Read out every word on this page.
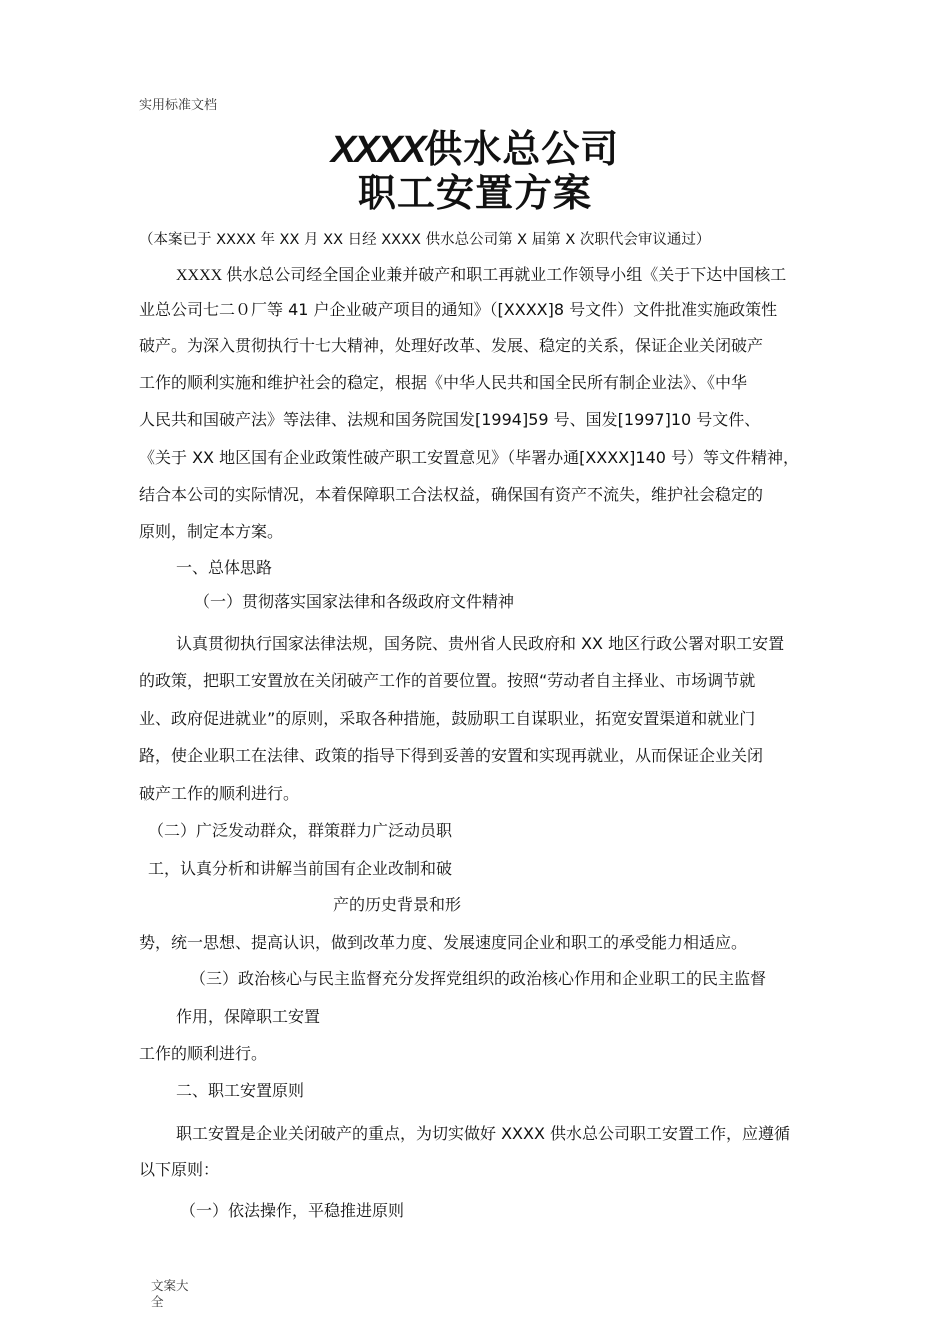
实用标准文档

XXXX供水总公司
职工安置方案

（本案已于 XXXX 年 XX 月 XX 日经 XXXX 供水总公司第 X 届第 X 次职代会审议通过）

XXXX 供水总公司经全国企业兼并破产和职工再就业工作领导小组《关于下达中国核工

业总公司七二０厂等 41 户企业破产项目的通知》（[XXXX]8 号文件）文件批准实施政策性

破产。为深入贯彻执行十七大精神，处理好改革、发展、稳定的关系，保证企业关闭破产

工作的顺利实施和维护社会的稳定，根据《中华人民共和国全民所有制企业法》、《中华

人民共和国破产法》等法律、法规和国务院国发[1994]59 号、国发[1997]10 号文件、

《关于 XX 地区国有企业政策性破产职工安置意见》（毕署办通[XXXX]140 号）等文件精神，

结合本公司的实际情况，本着保障职工合法权益，确保国有资产不流失，维护社会稳定的

原则，制定本方案。

一、总体思路
（一）贯彻落实国家法律和各级政府文件精神

认真贯彻执行国家法律法规，国务院、贵州省人民政府和 XX 地区行政公署对职工安置

的政策，把职工安置放在关闭破产工作的首要位置。按照“劳动者自主择业、市场调节就

业、政府促进就业”的原则，采取各种措施，鼓励职工自谋职业，拓宽安置渠道和就业门

路，使企业职工在法律、政策的指导下得到妥善的安置和实现再就业，从而保证企业关闭

破产工作的顺利进行。

（二）广泛发动群众，群策群力广泛动员职

工，认真分析和讲解当前国有企业改制和破

产的历史背景和形

势，统一思想、提高认识，做到改革力度、发展速度同企业和职工的承受能力相适应。

（三）政治核心与民主监督充分发挥党组织的政治核心作用和企业职工的民主监督

作用，保障职工安置

工作的顺利进行。

二、职工安置原则

职工安置是企业关闭破产的重点，为切实做好 XXXX 供水总公司职工安置工作，应遵循

以下原则：

（一）依法操作，平稳推进原则

文案大全
